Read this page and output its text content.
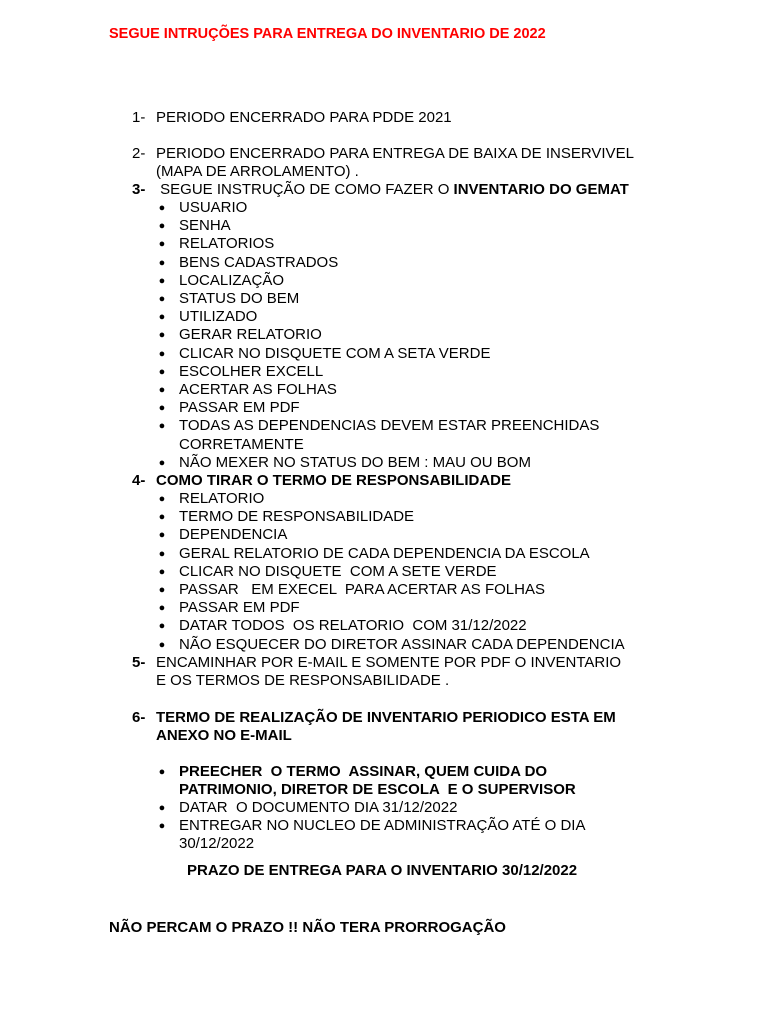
SEGUE INTRUÇÕES PARA ENTREGA DO INVENTARIO DE 2022
1- PERIODO ENCERRADO PARA PDDE 2021
2- PERIODO ENCERRADO PARA ENTREGA DE BAIXA DE INSERVIVEL
(MAPA DE ARROLAMENTO) .
3- SEGUE INSTRUÇÃO DE COMO FAZER O INVENTARIO DO GEMAT
● USUARIO
● SENHA
● RELATORIOS
● BENS CADASTRADOS
● LOCALIZAÇÃO
● STATUS DO BEM
● UTILIZADO
● GERAR RELATORIO
● CLICAR NO DISQUETE COM A SETA VERDE
● ESCOLHER EXCELL
● ACERTAR AS FOLHAS
● PASSAR EM PDF
● TODAS AS DEPENDENCIAS DEVEM ESTAR PREENCHIDAS
CORRETAMENTE
● NÃO MEXER NO STATUS DO BEM : MAU OU BOM
4- COMO TIRAR O TERMO DE RESPONSABILIDADE
● RELATORIO
● TERMO DE RESPONSABILIDADE
● DEPENDENCIA
● GERAL RELATORIO DE CADA DEPENDENCIA DA ESCOLA
● CLICAR NO DISQUETE  COM A SETE VERDE
● PASSAR   EM EXECEL  PARA ACERTAR AS FOLHAS
● PASSAR EM PDF
● DATAR TODOS  OS RELATORIO  COM 31/12/2022
● NÃO ESQUECER DO DIRETOR ASSINAR CADA DEPENDENCIA
5- ENCAMINHAR POR E-MAIL E SOMENTE POR PDF O INVENTARIO
E OS TERMOS DE RESPONSABILIDADE .
6- TERMO DE REALIZAÇÃO DE INVENTARIO PERIODICO ESTA EM
ANEXO NO E-MAIL
● PREECHER  O TERMO  ASSINAR, QUEM CUIDA DO
PATRIMONIO, DIRETOR DE ESCOLA  E O SUPERVISOR
● DATAR  O DOCUMENTO DIA 31/12/2022
● ENTREGAR NO NUCLEO DE ADMINISTRAÇÃO ATÉ O DIA
30/12/2022
PRAZO DE ENTREGA PARA O INVENTARIO 30/12/2022
NÃO PERCAM O PRAZO !! NÃO TERA PRORROGAÇÃO
